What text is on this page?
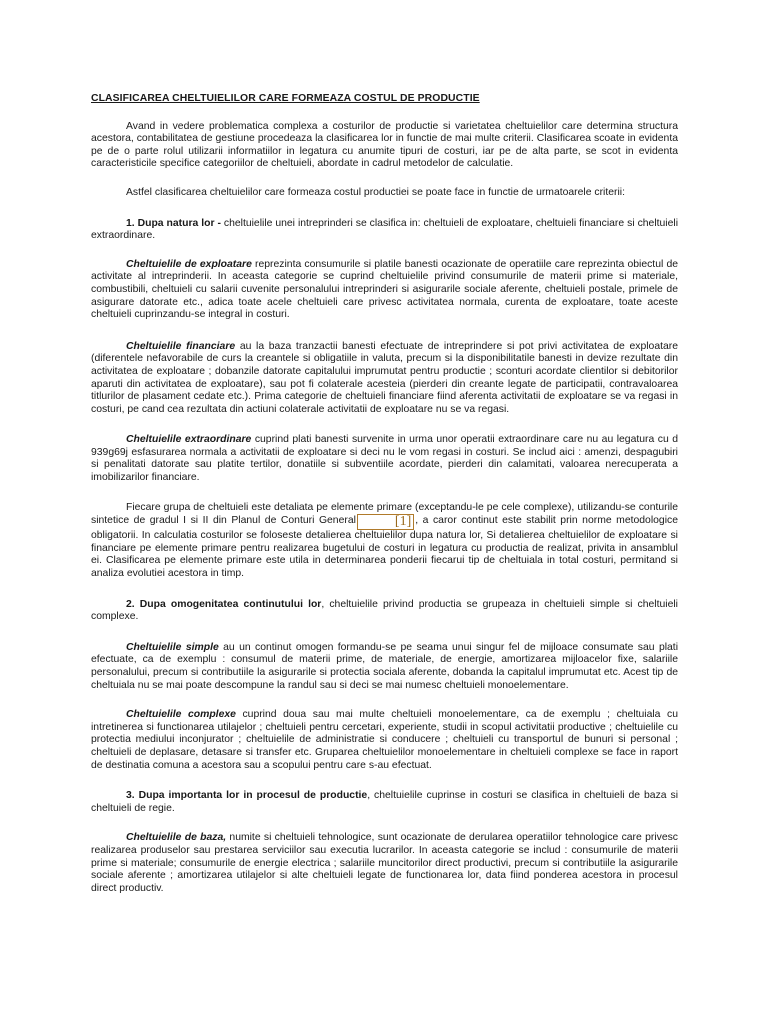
CLASIFICAREA CHELTUIELILOR CARE FORMEAZA COSTUL DE PRODUCTIE

Avand in vedere problematica complexa a costurilor de productie si varietatea cheltuielilor care determina structura acestora, contabilitatea de gestiune procedeaza la clasificarea lor in functie de mai multe criterii. Clasificarea scoate in evidenta pe de o parte rolul utilizarii informatiilor in legatura cu anumite tipuri de costuri, iar pe de alta parte, se scot in evidenta caracteristicile specifice categoriilor de cheltuieli, abordate in cadrul metodelor de calculatie.

Astfel clasificarea cheltuielilor care formeaza costul productiei se poate face in functie de urmatoarele criterii:

1. Dupa natura lor - cheltuielile unei intreprinderi se clasifica in: cheltuieli de exploatare, cheltuieli financiare si cheltuieli extraordinare.

Cheltuielile de exploatare reprezinta consumurile si platile banesti ocazionate de operatiile care reprezinta obiectul de activitate al intreprinderii. In aceasta categorie se cuprind cheltuielile privind consumurile de materii prime si materiale, combustibili, cheltuieli cu salarii cuvenite personalului intreprinderi si asigurarile sociale aferente, cheltuieli postale, primele de asigurare datorate etc., adica toate acele cheltuieli care privesc activitatea normala, curenta de exploatare, toate aceste cheltuieli cuprinzandu-se integral in costuri.

Cheltuielile financiare au la baza tranzactii banesti efectuate de intreprindere si pot privi activitatea de exploatare (diferentele nefavorabile de curs la creantele si obligatiile in valuta, precum si la disponibilitatile banesti in devize rezultate din activitatea de exploatare ; dobanzile datorate capitalului imprumutat pentru productie ; sconturi acordate clientilor si debitorilor aparuti din activitatea de exploatare), sau pot fi colaterale acesteia (pierderi din creante legate de participatii, contravaloarea titlurilor de plasament cedate etc.). Prima categorie de cheltuieli financiare fiind aferenta activitatii de exploatare se va regasi in costuri, pe cand cea rezultata din actiuni colaterale activitatii de exploatare nu se va regasi.

Cheltuielile extraordinare cuprind plati banesti survenite in urma unor operatii extraordinare care nu au legatura cu d 939g69j esfasurarea normala a activitatii de exploatare si deci nu le vom regasi in costuri. Se includ aici : amenzi, despagubiri si penalitati datorate sau platite tertilor, donatiile si subventiile acordate, pierderi din calamitati, valoarea nerecuperata a imobilizarilor financiare.

Fiecare grupa de cheltuieli este detaliata pe elemente primare (exceptandu-le pe cele complexe), utilizandu-se conturile sintetice de gradul I si II din Planul de Conturi General	[1] , a caror continut este stabilit prin norme metodologice obligatorii. In calculatia costurilor se foloseste detalierea cheltuielilor dupa natura lor, Si detalierea cheltuielilor de exploatare si financiare pe elemente primare pentru realizarea bugetului de costuri in legatura cu productia de realizat, privita in ansamblul ei. Clasificarea pe elemente primare este utila in determinarea ponderii fiecarui tip de cheltuiala in total costuri, permitand si analiza evolutiei acestora in timp.

2. Dupa omogenitatea continutului lor, cheltuielile privind productia se grupeaza in cheltuieli simple si cheltuieli complexe.

Cheltuielile simple au un continut omogen formandu-se pe seama unui singur fel de mijloace consumate sau plati efectuate, ca de exemplu : consumul de materii prime, de materiale, de energie, amortizarea mijloacelor fixe, salariile personalului, precum si contributiile la asigurarile si protectia sociala aferente, dobanda la capitalul imprumutat etc. Acest tip de cheltuiala nu se mai poate descompune la randul sau si deci se mai numesc cheltuieli monoelementare.

Cheltuielile complexe cuprind doua sau mai multe cheltuieli monoelementare, ca de exemplu ; cheltuiala cu intretinerea si functionarea utilajelor ; cheltuieli pentru cercetari, experiente, studii in scopul activitatii productive ; cheltuielile cu protectia mediului inconjurator ; cheltuielile de administratie si conducere ; cheltuieli cu transportul de bunuri si personal ; cheltuieli de deplasare, detasare si transfer etc. Gruparea cheltuielilor monoelementare in cheltuieli complexe se face in raport de destinatia comuna a acestora sau a scopului pentru care s-au efectuat.

3. Dupa importanta lor in procesul de productie, cheltuielile cuprinse in costuri se clasifica in cheltuieli de baza si cheltuieli de regie.

Cheltuielile de baza, numite si cheltuieli tehnologice, sunt ocazionate de derularea operatiilor tehnologice care privesc realizarea produselor sau prestarea serviciilor sau executia lucrarilor. In aceasta categorie se includ : consumurile de materii prime si materiale; consumurile de energie electrica ; salariile muncitorilor direct productivi, precum si contributiile la asigurarile sociale aferente ; amortizarea utilajelor si alte cheltuieli legate de functionarea lor, data fiind ponderea acestora in procesul direct productiv.
